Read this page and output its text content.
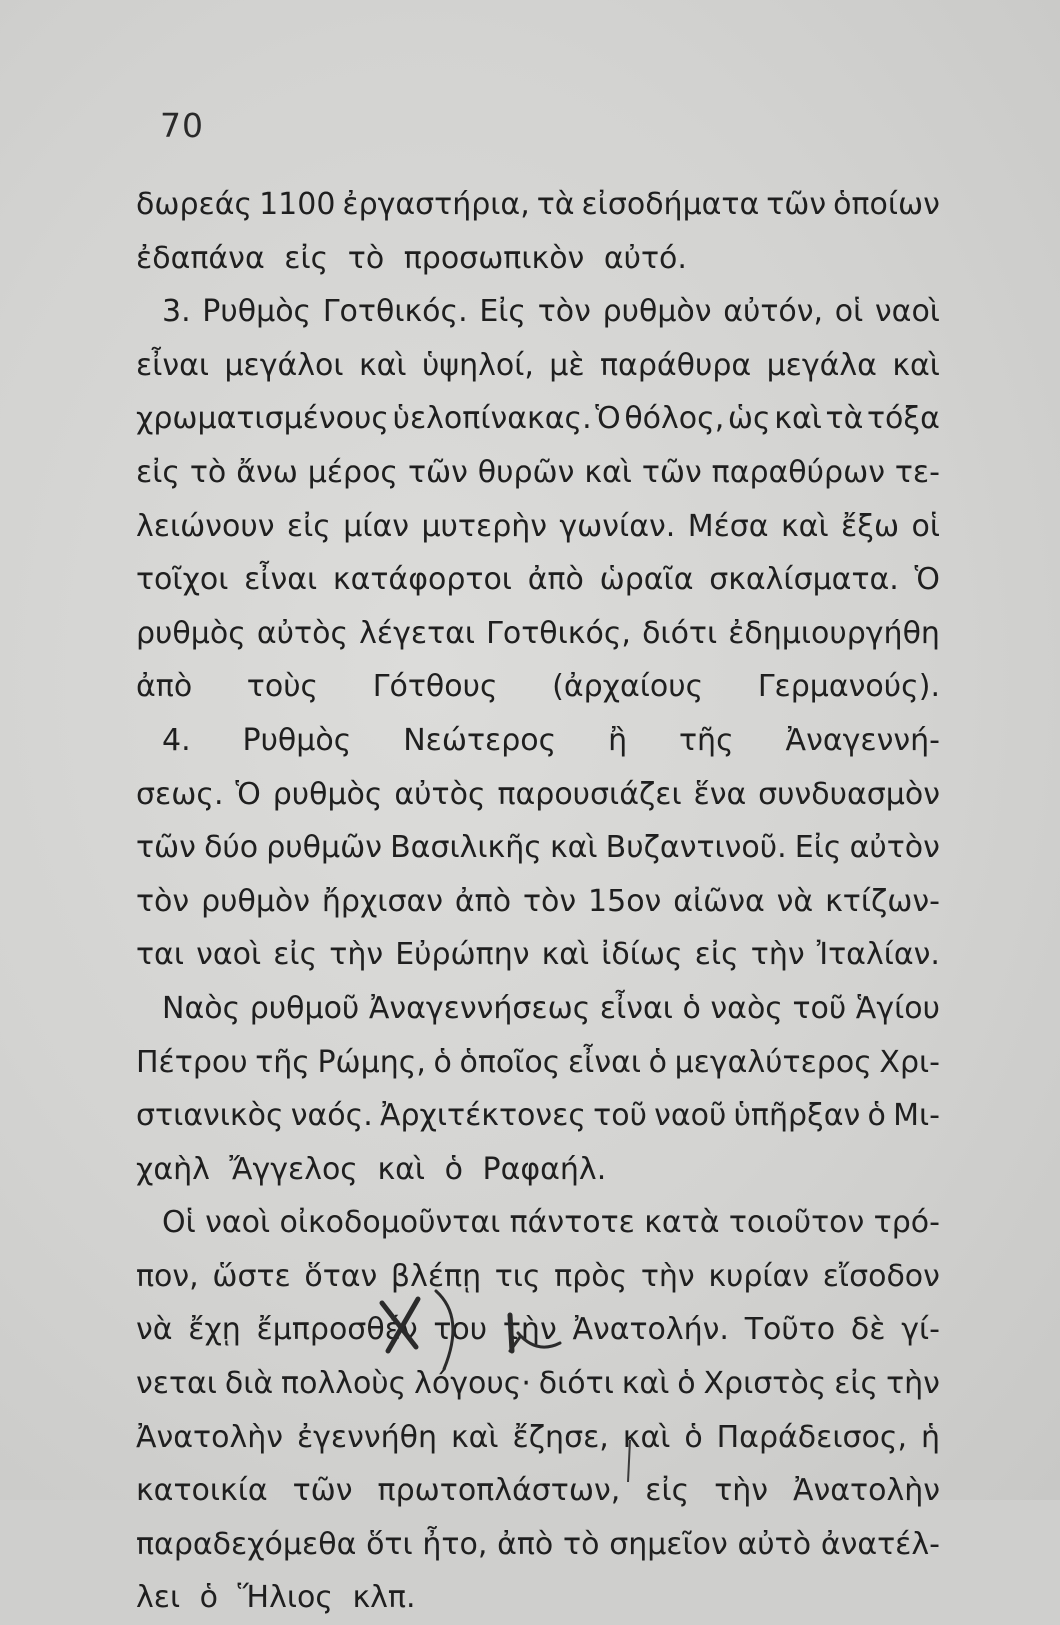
70
δωρεάς 1100 ἐργαστήρια, τὰ εἰσοδήματα τῶν ὁποίων
ἐδαπάνα εἰς τὸ προσωπικὸν αὐτό.
3. Ρυθμὸς Γοτθικός. Εἰς τὸν ρυθμὸν αὐτόν, οἱ ναοὶ
εἶναι μεγάλοι καὶ ὑψηλοί, μὲ παράθυρα μεγάλα καὶ
χρωματισμένους ὑελοπίνακας. Ὁ θόλος, ὡς καὶ τὰ τόξα
εἰς τὸ ἄνω μέρος τῶν θυρῶν καὶ τῶν παραθύρων τε-
λειώνουν εἰς μίαν μυτερὴν γωνίαν. Μέσα καὶ ἔξω οἱ
τοῖχοι εἶναι κατάφορτοι ἀπὸ ὡραῖα σκαλίσματα. Ὁ
ρυθμὸς αὐτὸς λέγεται Γοτθικός, διότι ἐδημιουργήθη
ἀπὸ τοὺς Γότθους (ἀρχαίους Γερμανούς).
4. Ρυθμὸς Νεώτερος ἢ τῆς Ἀναγεννή-
σεως. Ὁ ρυθμὸς αὐτὸς παρουσιάζει ἕνα συνδυασμὸν
τῶν δύο ρυθμῶν Βασιλικῆς καὶ Βυζαντινοῦ. Εἰς αὐτὸν
τὸν ρυθμὸν ἤρχισαν ἀπὸ τὸν 15ον αἰῶνα νὰ κτίζων-
ται ναοὶ εἰς τὴν Εὐρώπην καὶ ἰδίως εἰς τὴν Ἰταλίαν.
Ναὸς ρυθμοῦ Ἀναγεννήσεως εἶναι ὁ ναὸς τοῦ Ἁγίου
Πέτρου τῆς Ρώμης, ὁ ὁποῖος εἶναι ὁ μεγαλύτερος Χρι-
στιανικὸς ναός. Ἀρχιτέκτονες τοῦ ναοῦ ὑπῆρξαν ὁ Μι-
χαὴλ Ἄγγελος καὶ ὁ Ραφαήλ.
Οἱ ναοὶ οἰκοδομοῦνται πάντοτε κατὰ τοιοῦτον τρό-
πον, ὥστε ὅταν βλέπῃ τις πρὸς τὴν κυρίαν εἴσοδον
νὰ ἔχῃ ἔμπροσθέν του τὴν Ἀνατολήν. Τοῦτο δὲ γί-
νεται διὰ πολλοὺς λόγους· διότι καὶ ὁ Χριστὸς εἰς τὴν
Ἀνατολὴν ἐγεννήθη καὶ ἔζησε, καὶ ὁ Παράδεισος, ἡ
κατοικία τῶν πρωτοπλάστων, εἰς τὴν Ἀνατολὴν
παραδεχόμεθα ὅτι ἦτο, ἀπὸ τὸ σημεῖον αὐτὸ ἀνατέλ-
λει ὁ Ἥλιος κλπ.
